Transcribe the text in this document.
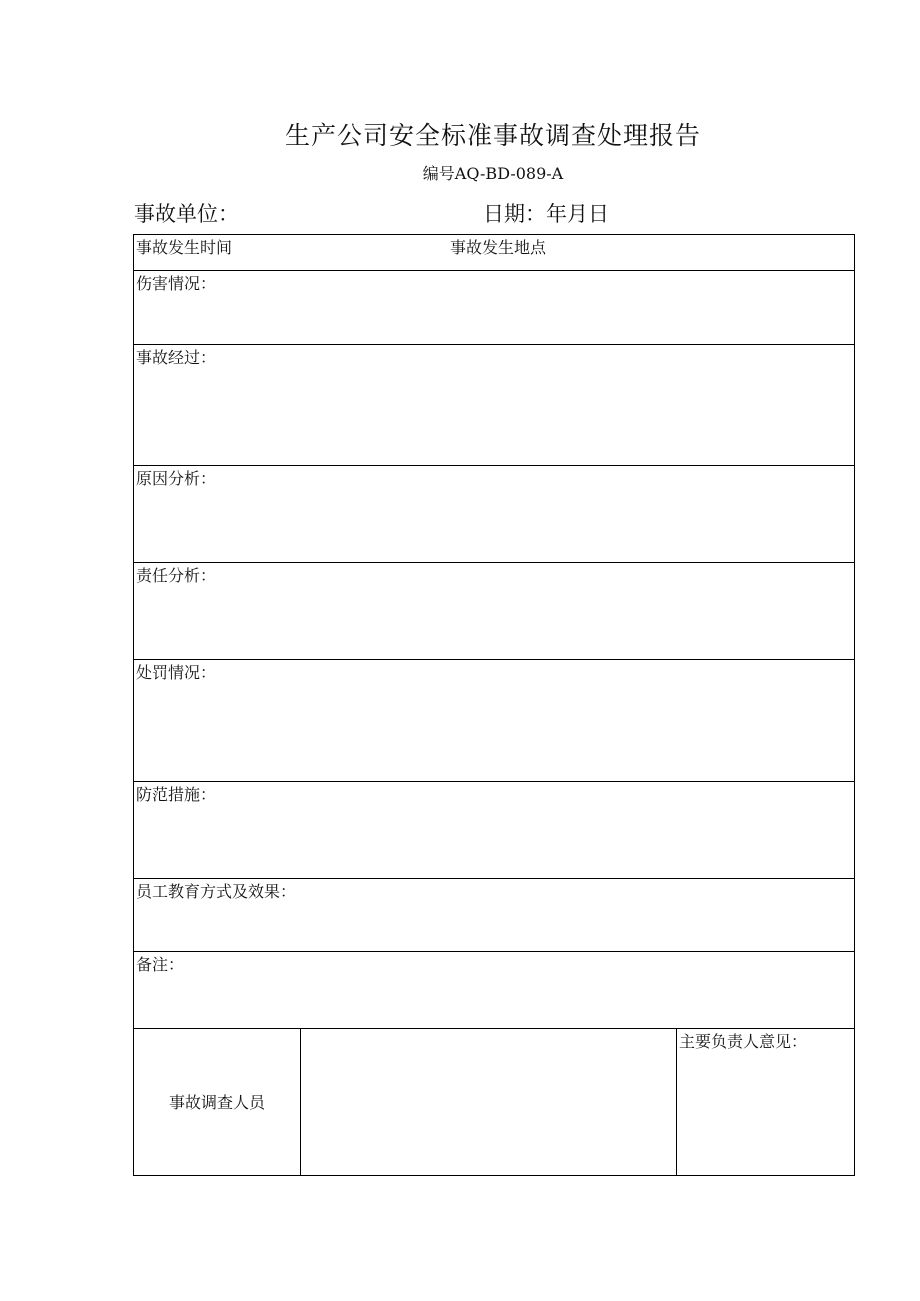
生产公司安全标准事故调查处理报告
编号AQ-BD-089-A
事故单位：	日期：年月日
事故发生时间	事故发生地点
伤害情况：
事故经过：
原因分析：
责任分析：
处罚情况：
防范措施：
员工教育方式及效果：
备注：
事故调查人员		主要负责人意见：
